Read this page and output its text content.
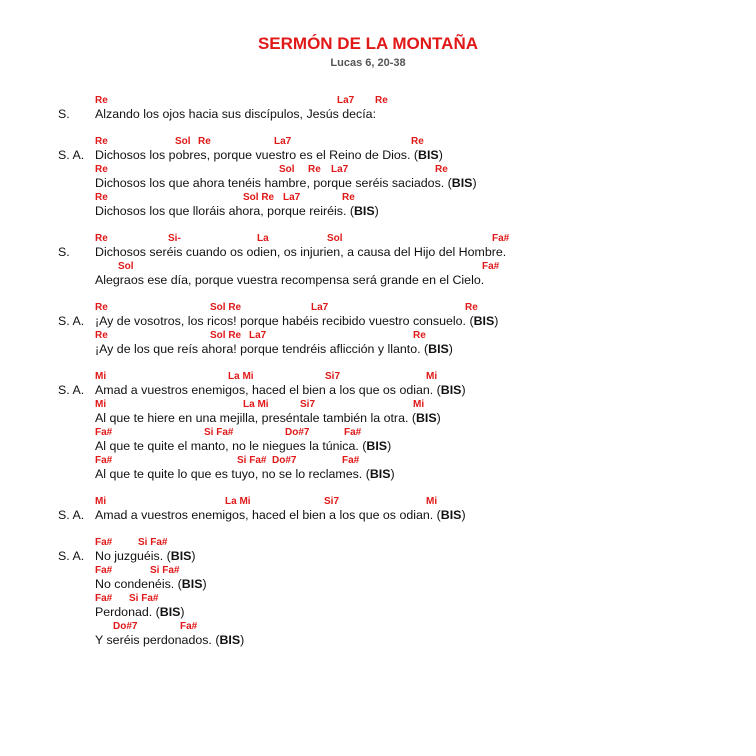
SERMÓN DE LA MONTAÑA
Lucas 6, 20-38
Re	La7 Re
S. Alzando los ojos hacia sus discípulos, Jesús decía:
Re	Sol Re	La7	Re
S. A. Dichosos los pobres, porque vuestro es el Reino de Dios. (BIS)
Re	Sol Re La7	Re
Dichosos los que ahora tenéis hambre, porque seréis saciados. (BIS)
Re	Sol Re La7	Re
Dichosos los que lloráis ahora, porque reiréis. (BIS)
Re	Si-	La	Sol	Fa#
S. Dichosos seréis cuando os odien, os injurien, a causa del Hijo del Hombre.
Sol	Fa#
Alegraos ese día, porque vuestra recompensa será grande en el Cielo.
Re	Sol Re	La7	Re
S. A. ¡Ay de vosotros, los ricos! porque habéis recibido vuestro consuelo. (BIS)
Re	Sol Re La7	Re
¡Ay de los que reís ahora! porque tendréis aflicción y llanto. (BIS)
Mi	La Mi	Si7	Mi
S. A. Amad a vuestros enemigos, haced el bien a los que os odian. (BIS)
Mi	La Mi	Si7	Mi
Al que te hiere en una mejilla, preséntale también la otra. (BIS)
Fa#	Si Fa#	Do#7	Fa#
Al que te quite el manto, no le niegues la túnica. (BIS)
Fa#	Si Fa# Do#7	Fa#
Al que te quite lo que es tuyo, no se lo reclames. (BIS)
Mi	La Mi	Si7	Mi
S. A. Amad a vuestros enemigos, haced el bien a los que os odian. (BIS)
Fa#	Si Fa#
S. A. No juzguéis. (BIS)
Fa#	Si Fa#
No condenéis. (BIS)
Fa# Si Fa#
Perdonad. (BIS)
Do#7	Fa#
Y seréis perdonados. (BIS)
